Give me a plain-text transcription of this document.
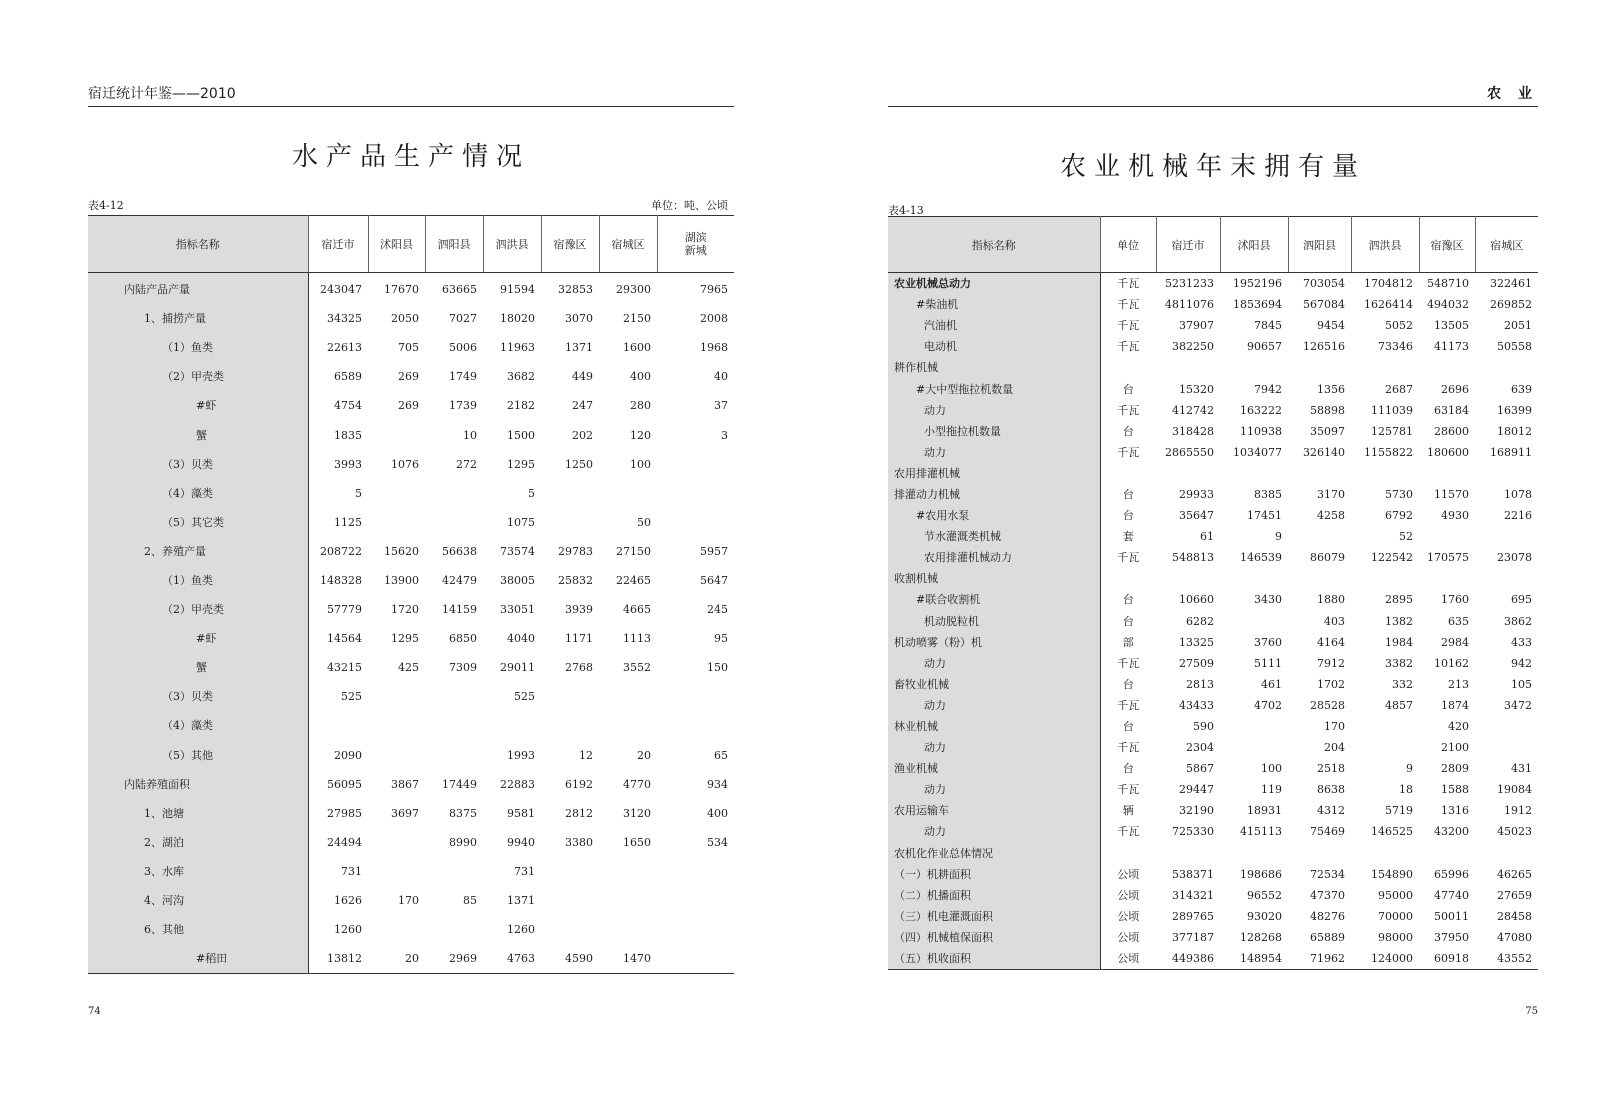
宿迁统计年鉴——2010
水产品生产情况
表4-12	单位：吨、公顷
指标名称	宿迁市	沭阳县	泗阳县	泗洪县	宿豫区	宿城区	湖滨新城
内陆产品产量	243047	17670	63665	91594	32853	29300	7965
1、捕捞产量	34325	2050	7027	18020	3070	2150	2008
（1）鱼类	22613	705	5006	11963	1371	1600	1968
（2）甲壳类	6589	269	1749	3682	449	400	40
#虾	4754	269	1739	2182	247	280	37
蟹	1835		10	1500	202	120	3
（3）贝类	3993	1076	272	1295	1250	100	
（4）藻类	5			5			
（5）其它类	1125			1075		50	
2、养殖产量	208722	15620	56638	73574	29783	27150	5957
（1）鱼类	148328	13900	42479	38005	25832	22465	5647
（2）甲壳类	57779	1720	14159	33051	3939	4665	245
#虾	14564	1295	6850	4040	1171	1113	95
蟹	43215	425	7309	29011	2768	3552	150
（3）贝类	525			525			
（4）藻类							
（5）其他	2090			1993	12	20	65
内陆养殖面积	56095	3867	17449	22883	6192	4770	934
1、池塘	27985	3697	8375	9581	2812	3120	400
2、湖泊	24494		8990	9940	3380	1650	534
3、水库	731			731			
4、河沟	1626	170	85	1371			
6、其他	1260			1260			
#稻田	13812	20	2969	4763	4590	1470	
74
农 业
农业机械年末拥有量
表4-13
指标名称	单位	宿迁市	沭阳县	泗阳县	泗洪县	宿豫区	宿城区
农业机械总动力	千瓦	5231233	1952196	703054	1704812	548710	322461
#柴油机	千瓦	4811076	1853694	567084	1626414	494032	269852
汽油机	千瓦	37907	7845	9454	5052	13505	2051
电动机	千瓦	382250	90657	126516	73346	41173	50558
耕作机械							
#大中型拖拉机数量	台	15320	7942	1356	2687	2696	639
动力	千瓦	412742	163222	58898	111039	63184	16399
小型拖拉机数量	台	318428	110938	35097	125781	28600	18012
动力	千瓦	2865550	1034077	326140	1155822	180600	168911
农用排灌机械							
排灌动力机械	台	29933	8385	3170	5730	11570	1078
#农用水泵	台	35647	17451	4258	6792	4930	2216
节水灌溉类机械	套	61	9		52		
农用排灌机械动力	千瓦	548813	146539	86079	122542	170575	23078
收割机械							
#联合收割机	台	10660	3430	1880	2895	1760	695
机动脱粒机	台	6282		403	1382	635	3862
机动喷雾（粉）机	部	13325	3760	4164	1984	2984	433
动力	千瓦	27509	5111	7912	3382	10162	942
畜牧业机械	台	2813	461	1702	332	213	105
动力	千瓦	43433	4702	28528	4857	1874	3472
林业机械	台	590		170		420	
动力	千瓦	2304		204		2100	
渔业机械	台	5867	100	2518	9	2809	431
动力	千瓦	29447	119	8638	18	1588	19084
农用运输车	辆	32190	18931	4312	5719	1316	1912
动力	千瓦	725330	415113	75469	146525	43200	45023
农机化作业总体情况							
（一）机耕面积	公顷	538371	198686	72534	154890	65996	46265
（二）机播面积	公顷	314321	96552	47370	95000	47740	27659
（三）机电灌溉面积	公顷	289765	93020	48276	70000	50011	28458
（四）机械植保面积	公顷	377187	128268	65889	98000	37950	47080
（五）机收面积	公顷	449386	148954	71962	124000	60918	43552
75
